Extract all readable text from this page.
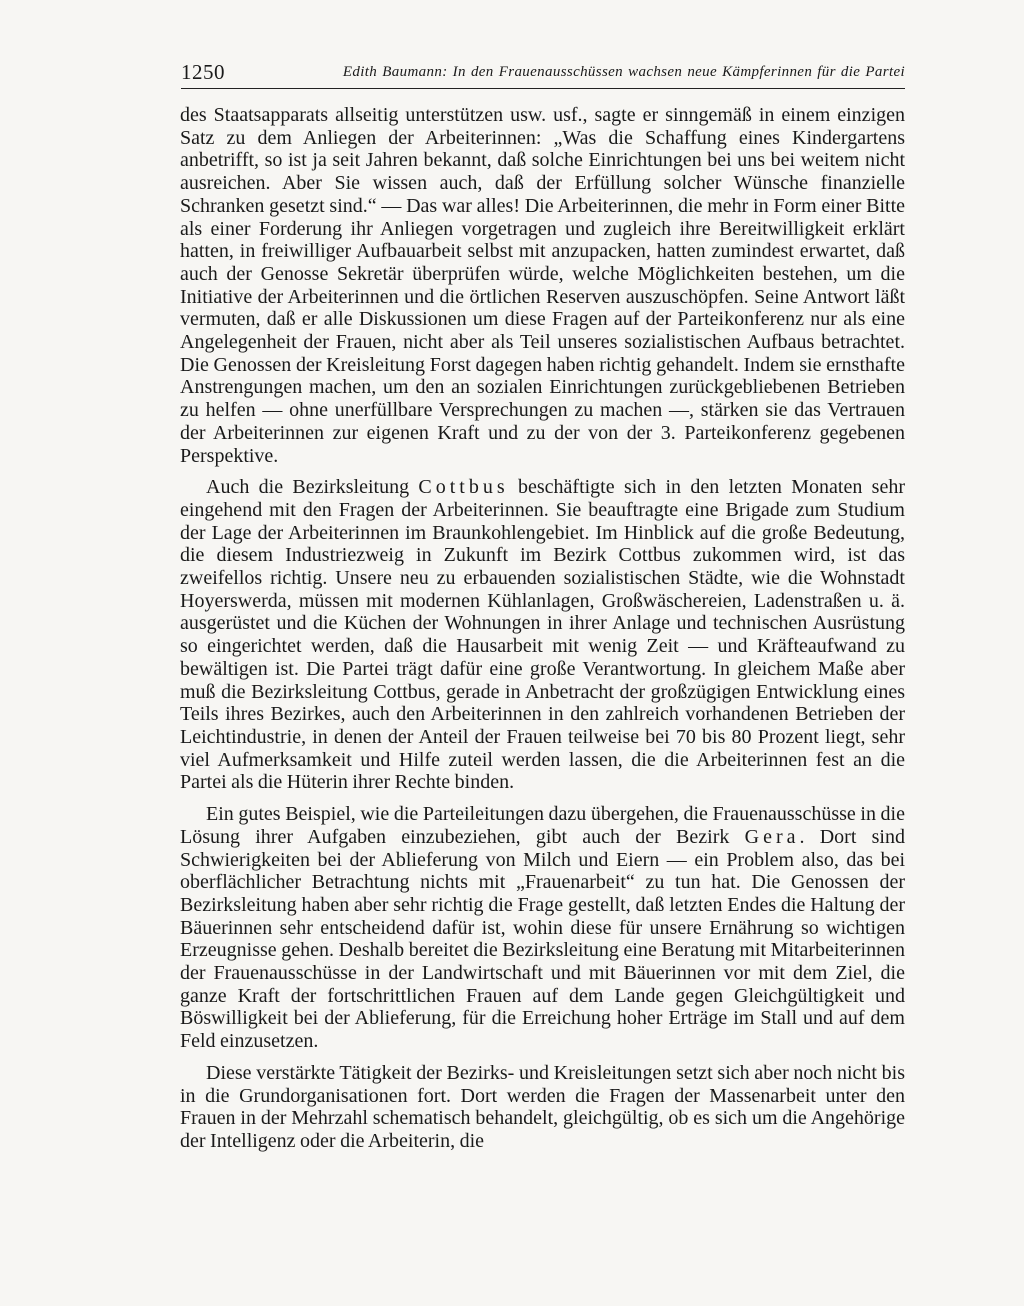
1250	Edith Baumann: In den Frauenausschüssen wachsen neue Kämpferinnen für die Partei

des Staatsapparats allseitig unterstützen usw. usf., sagte er sinngemäß in einem einzigen Satz zu dem Anliegen der Arbeiterinnen: „Was die Schaffung eines Kindergartens anbetrifft, so ist ja seit Jahren bekannt, daß solche Einrichtungen bei uns bei weitem nicht ausreichen. Aber Sie wissen auch, daß der Erfüllung solcher Wünsche finanzielle Schranken gesetzt sind.“ — Das war alles! Die Arbeiterinnen, die mehr in Form einer Bitte als einer Forderung ihr Anliegen vorgetragen und zugleich ihre Bereitwilligkeit erklärt hatten, in freiwilliger Aufbauarbeit selbst mit anzupacken, hatten zumindest erwartet, daß auch der Genosse Sekretär überprüfen würde, welche Möglichkeiten bestehen, um die Initiative der Arbeiterinnen und die örtlichen Reserven auszuschöpfen. Seine Antwort läßt vermuten, daß er alle Diskussionen um diese Fragen auf der Parteikonferenz nur als eine Angelegenheit der Frauen, nicht aber als Teil unseres sozialistischen Aufbaus betrachtet. Die Genossen der Kreisleitung Forst dagegen haben richtig gehandelt. Indem sie ernsthafte Anstrengungen machen, um den an sozialen Einrichtungen zurückgebliebenen Betrieben zu helfen — ohne unerfüllbare Versprechungen zu machen —, stärken sie das Vertrauen der Arbeiterinnen zur eigenen Kraft und zu der von der 3. Parteikonferenz gegebenen Perspektive.

Auch die Bezirksleitung Cottbus beschäftigte sich in den letzten Monaten sehr eingehend mit den Fragen der Arbeiterinnen. Sie beauftragte eine Brigade zum Studium der Lage der Arbeiterinnen im Braunkohlengebiet. Im Hinblick auf die große Bedeutung, die diesem Industriezweig in Zukunft im Bezirk Cottbus zukommen wird, ist das zweifellos richtig. Unsere neu zu erbauenden sozialistischen Städte, wie die Wohnstadt Hoyerswerda, müssen mit modernen Kühlanlagen, Großwäschereien, Ladenstraßen u. ä. ausgerüstet und die Küchen der Wohnungen in ihrer Anlage und technischen Ausrüstung so eingerichtet werden, daß die Hausarbeit mit wenig Zeit — und Kräfteaufwand zu bewältigen ist. Die Partei trägt dafür eine große Verantwortung. In gleichem Maße aber muß die Bezirksleitung Cottbus, gerade in Anbetracht der großzügigen Entwicklung eines Teils ihres Bezirkes, auch den Arbeiterinnen in den zahlreich vorhandenen Betrieben der Leichtindustrie, in denen der Anteil der Frauen teilweise bei 70 bis 80 Prozent liegt, sehr viel Aufmerksamkeit und Hilfe zuteil werden lassen, die die Arbeiterinnen fest an die Partei als die Hüterin ihrer Rechte binden.

Ein gutes Beispiel, wie die Parteileitungen dazu übergehen, die Frauenausschüsse in die Lösung ihrer Aufgaben einzubeziehen, gibt auch der Bezirk Gera. Dort sind Schwierigkeiten bei der Ablieferung von Milch und Eiern — ein Problem also, das bei oberflächlicher Betrachtung nichts mit „Frauenarbeit“ zu tun hat. Die Genossen der Bezirksleitung haben aber sehr richtig die Frage gestellt, daß letzten Endes die Haltung der Bäuerinnen sehr entscheidend dafür ist, wohin diese für unsere Ernährung so wichtigen Erzeugnisse gehen. Deshalb bereitet die Bezirksleitung eine Beratung mit Mitarbeiterinnen der Frauenausschüsse in der Landwirtschaft und mit Bäuerinnen vor mit dem Ziel, die ganze Kraft der fortschrittlichen Frauen auf dem Lande gegen Gleichgültigkeit und Böswilligkeit bei der Ablieferung, für die Erreichung hoher Erträge im Stall und auf dem Feld einzusetzen.

Diese verstärkte Tätigkeit der Bezirks- und Kreisleitungen setzt sich aber noch nicht bis in die Grundorganisationen fort. Dort werden die Fragen der Massenarbeit unter den Frauen in der Mehrzahl schematisch behandelt, gleichgültig, ob es sich um die Angehörige der Intelligenz oder die Arbeiterin, die
